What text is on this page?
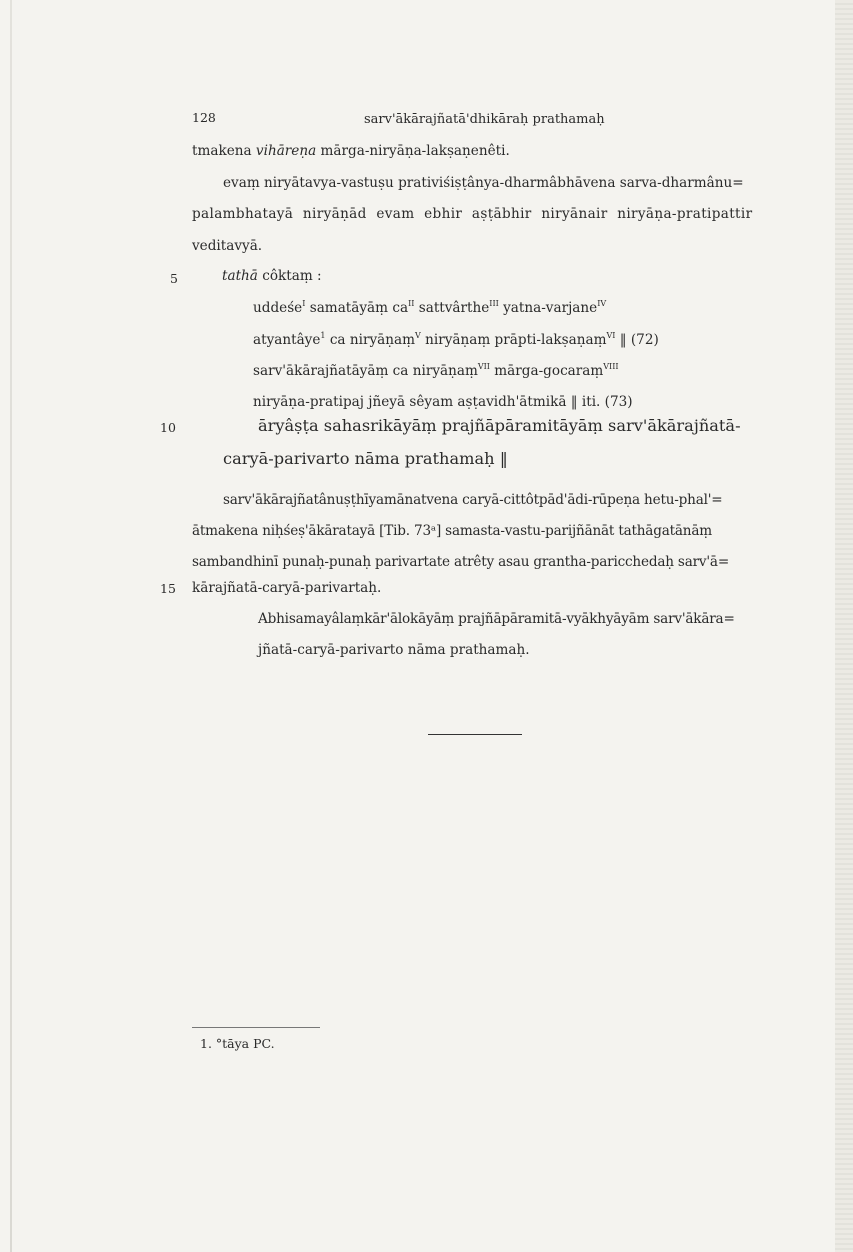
128	sarv'ākārajñatā'dhikāraḥ prathamaḥ
tmakena vihāreṇa mārga-niryāṇa-lakṣaṇenêti.
evaṃ niryātavya-vastuṣu prativiśiṣṭânya-dharmâbhāvena sarva-dharmânu=
palambhatayā niryāṇād evam ebhir aṣṭābhir niryānair niryāṇa-pratipattir
veditavyā.
5	tathā côktaṃ :
uddeśe$^I$ samatāyāṃ $ca^{II}$ sattvârthe$^{III}$ yatna-varjane$^{IV}$
atyantâye$^1$ ca niryāṇaṃ$^V$ niryāṇaṃ prāpti-lakṣaṇaṃ$^{VI}$ ‖ (72)
sarv'ākārajñatāyāṃ ca niryāṇaṃ$^{VII}$ mārga-gocaraṃ$^{VIII}$
niryāṇa-pratipaj jñeyā sêyam aṣṭavidh'ātmikā ‖ iti. (73)
10	āryâṣṭa sahasrikāyāṃ prajñāpāramitāyāṃ sarv'ākārajñatā-
caryā-parivarto nāma prathamaḥ ‖
sarv'ākārajñatânuṣṭhīyamānatvena caryā-cittôtpād'ādi-rūpeṇa hetu-phal'=
ātmakena niḥśeṣ'ākāratayā [Tib. 73ᵃ] samasta-vastu-parijñānāt tathāgatānāṃ
sambandhinī punaḥ-punaḥ parivartate atrêty asau grantha-paricchedaḥ sarv'ā=
15 kārajñatā-caryā-parivartaḥ.
Abhisamayâlaṃkār'ālokāyāṃ prajñāpāramitā-vyākhyāyām sarv'ākāra=
jñatā-caryā-parivarto nāma prathamaḥ.
1. °tāya PC.
